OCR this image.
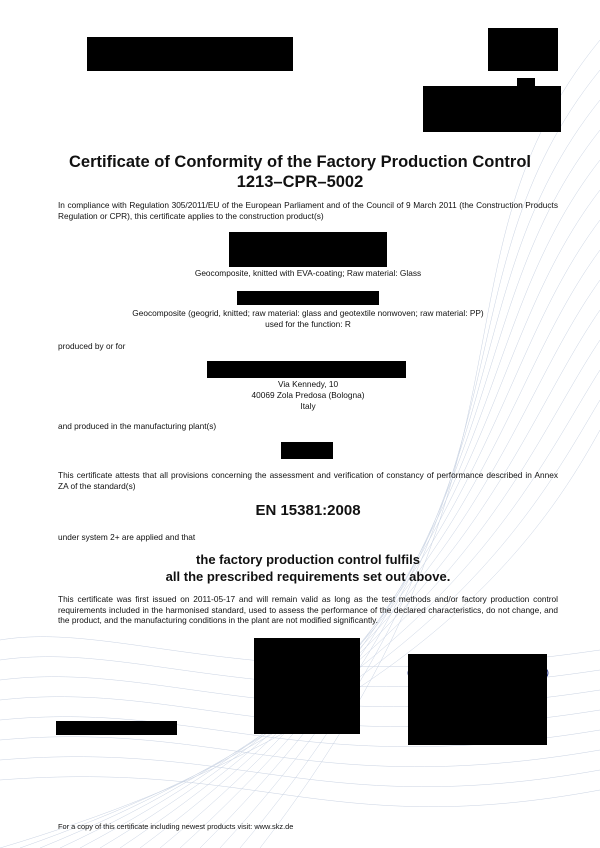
Certificate of Conformity of the Factory Production Control
1213–CPR–5002
In compliance with Regulation 305/2011/EU of the European Parliament and of the Council of 9 March 2011 (the Construction Products Regulation or CPR), this certificate applies to the construction product(s)
Geocomposite, knitted with EVA-coating; Raw material: Glass
Geocomposite (geogrid, knitted; raw material: glass and geotextile nonwoven; raw material: PP)
used for the function: R
produced by or for
Via Kennedy, 10
40069 Zola Predosa (Bologna)
Italy
and produced in the manufacturing plant(s)
This certificate attests that all provisions concerning the assessment and verification of constancy of performance described in Annex ZA of the standard(s)
EN 15381:2008
under system 2+ are applied and that
the factory production control fulfils
all the prescribed requirements set out above.
This certificate was first issued on 2011-05-17 and will remain valid as long as the test methods and/or factory production control requirements included in the harmonised standard, used to assess the performance of the declared characteristics, do not change, and the product, and the manufacturing conditions in the plant are not modified significantly.
For a copy of this certificate including newest products visit: www.skz.de
